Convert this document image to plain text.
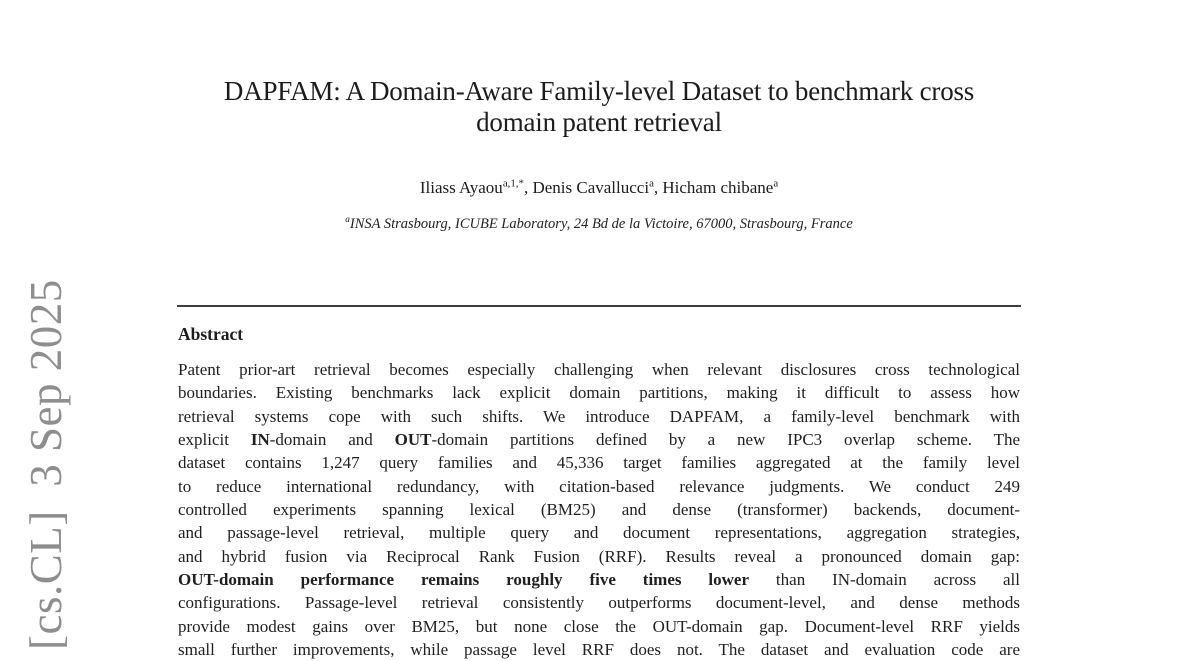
[cs.CL]  3 Sep 2025
DAPFAM: A Domain-Aware Family-level Dataset to benchmark cross
domain patent retrieval
Iliass Ayaou$^{a,1,*}$, Denis Cavallucci$^a$, Hicham chibane$^a$
$^a$INSA Strasbourg, ICUBE Laboratory, 24 Bd de la Victoire, 67000, Strasbourg, France
Abstract
Patent prior-art retrieval becomes especially challenging when relevant disclosures cross technological
boundaries. Existing benchmarks lack explicit domain partitions, making it difficult to assess how
retrieval systems cope with such shifts. We introduce DAPFAM, a family-level benchmark with
explicit IN-domain and OUT-domain partitions defined by a new IPC3 overlap scheme. The
dataset contains 1,247 query families and 45,336 target families aggregated at the family level
to reduce international redundancy, with citation-based relevance judgments. We conduct 249
controlled experiments spanning lexical (BM25) and dense (transformer) backends, document-
and passage-level retrieval, multiple query and document representations, aggregation strategies,
and hybrid fusion via Reciprocal Rank Fusion (RRF). Results reveal a pronounced domain gap:
OUT-domain performance remains roughly five times lower than IN-domain across all
configurations. Passage-level retrieval consistently outperforms document-level, and dense methods
provide modest gains over BM25, but none close the OUT-domain gap. Document-level RRF yields
small further improvements, while passage level RRF does not. The dataset and evaluation code are
